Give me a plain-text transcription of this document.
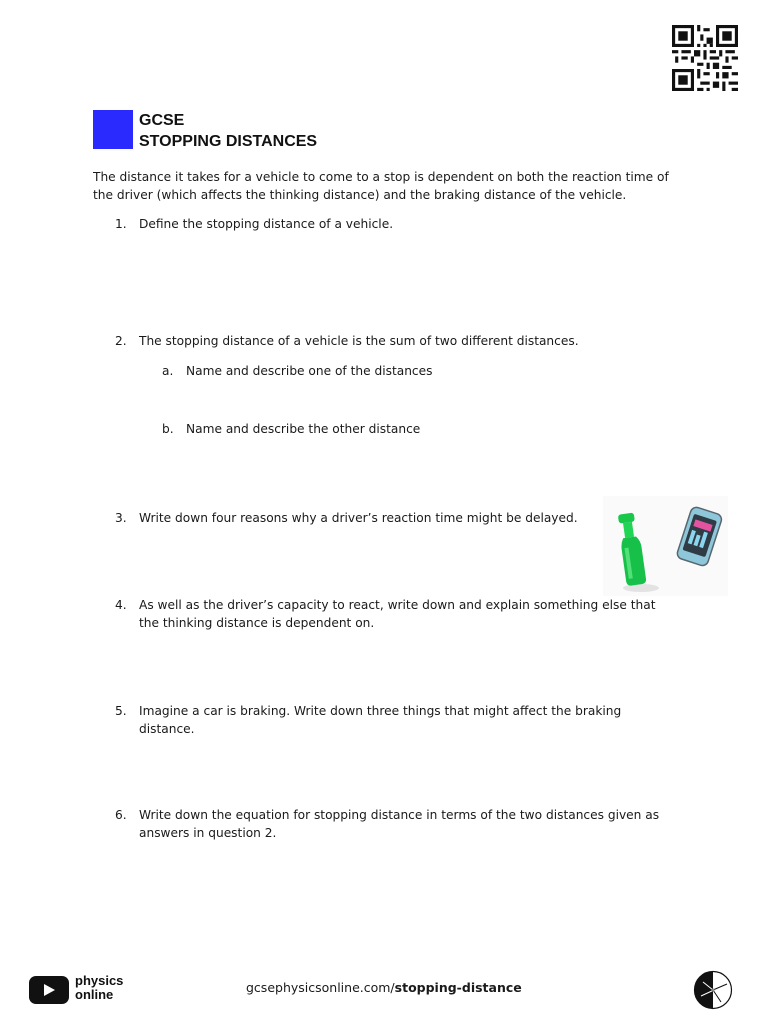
GCSE
STOPPING DISTANCES
The distance it takes for a vehicle to come to a stop is dependent on both the reaction time of the driver (which affects the thinking distance) and the braking distance of the vehicle.
1.	Define the stopping distance of a vehicle.
2.	The stopping distance of a vehicle is the sum of two different distances.
a.	Name and describe one of the distances
b.	Name and describe the other distance
3.	Write down four reasons why a driver’s reaction time might be delayed.
4.	As well as the driver’s capacity to react, write down and explain something else that the thinking distance is dependent on.
5.	Imagine a car is braking. Write down three things that might affect the braking distance.
6.	Write down the equation for stopping distance in terms of the two distances given as answers in question 2.
physics
online	gcsephysicsonline.com/stopping-distance
